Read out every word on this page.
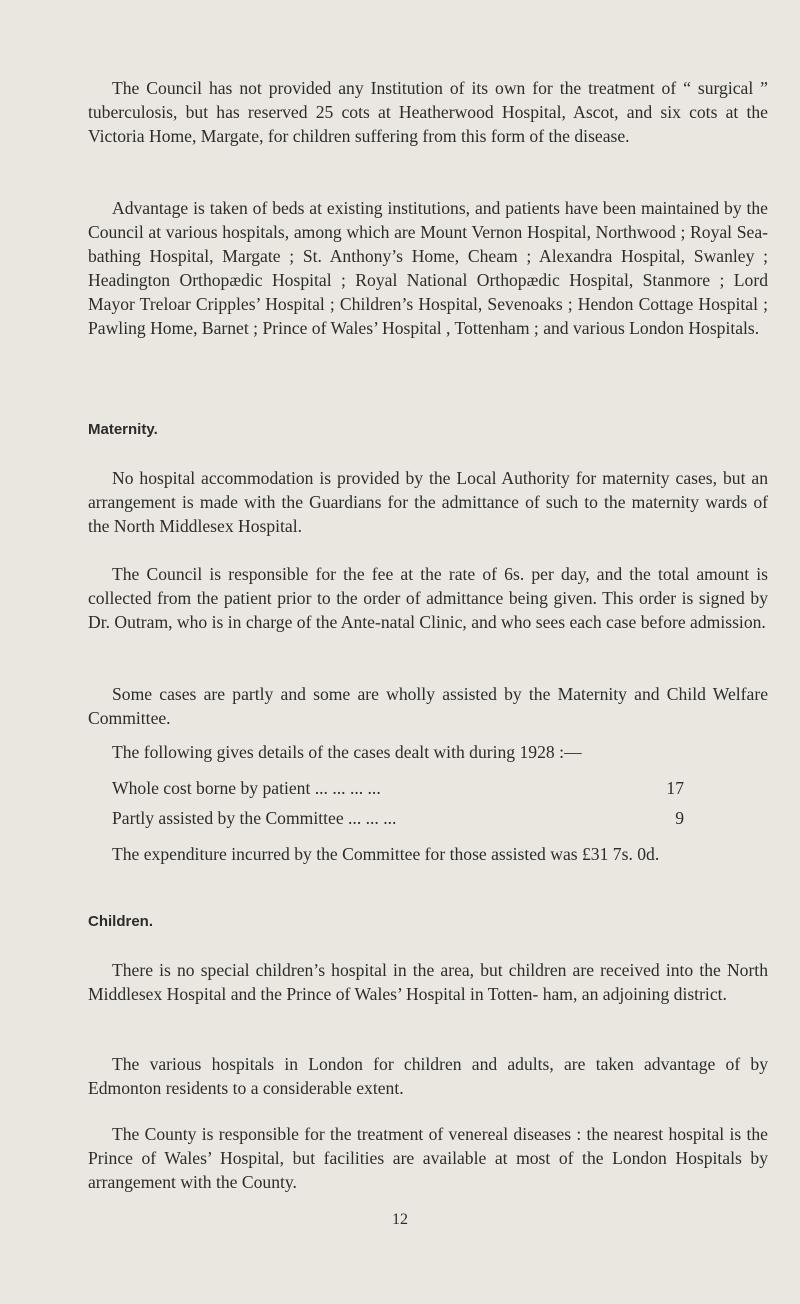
The Council has not provided any Institution of its own for the treatment of “ surgical ” tuberculosis, but has reserved 25 cots at Heatherwood Hospital, Ascot, and six cots at the Victoria Home, Margate, for children suffering from this form of the disease.

Advantage is taken of beds at existing institutions, and patients have been maintained by the Council at various hospitals, among which are Mount Vernon Hospital, Northwood ; Royal Sea-bathing Hospital, Margate ; St. Anthony’s Home, Cheam ; Alexandra Hospital, Swanley ; Headington Orthopædic Hospital ; Royal National Orthopædic Hospital, Stanmore ; Lord Mayor Treloar Cripples’ Hospital ; Children’s Hospital, Sevenoaks ; Hendon Cottage Hospital ; Pawling Home, Barnet ; Prince of Wales’ Hospital , Tottenham ; and various London Hospitals.

Maternity.

No hospital accommodation is provided by the Local Authority for maternity cases, but an arrangement is made with the Guardians for the admittance of such to the maternity wards of the North Middlesex Hospital.

The Council is responsible for the fee at the rate of 6s. per day, and the total amount is collected from the patient prior to the order of admittance being given. This order is signed by Dr. Outram, who is in charge of the Ante-natal Clinic, and who sees each case before admission.

Some cases are partly and some are wholly assisted by the Maternity and Child Welfare Committee.

The following gives details of the cases dealt with during 1928 :—

Whole cost borne by patient ... ... ... ...	17
Partly assisted by the Committee ... ... ...	9

The expenditure incurred by the Committee for those assisted was £31 7s. 0d.

Children.

There is no special children’s hospital in the area, but children are received into the North Middlesex Hospital and the Prince of Wales’ Hospital in Totten- ham, an adjoining district.

The various hospitals in London for children and adults, are taken advantage of by Edmonton residents to a considerable extent.

The County is responsible for the treatment of venereal diseases : the nearest hospital is the Prince of Wales’ Hospital, but facilities are available at most of the London Hospitals by arrangement with the County.

12
